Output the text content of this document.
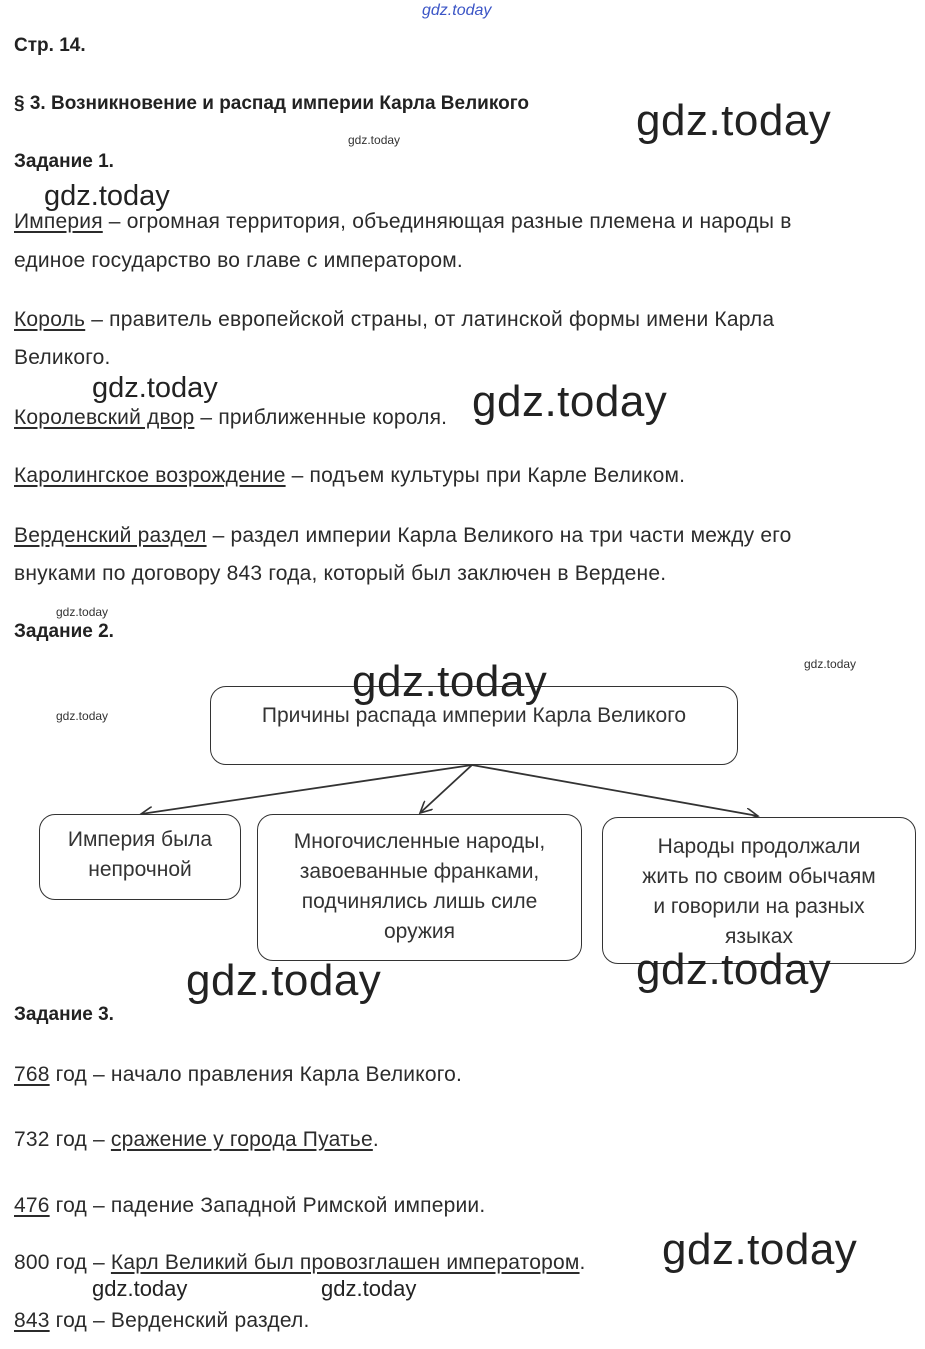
gdz.today
Стр. 14.
§ 3. Возникновение и распад империи Карла Великого
Задание 1.
Империя – огромная территория, объединяющая разные племена и народы в
единое государство во главе с императором.
Король – правитель европейской страны, от латинской формы имени Карла
Великого.
Королевский двор – приближенные короля.
Каролингское возрождение – подъем культуры при Карле Великом.
Верденский раздел – раздел империи Карла Великого на три части между его
внуками по договору 843 года, который был заключен в Вердене.
Задание 2.
Причины распада империи Карла Великого
Империя была
непрочной
Многочисленные народы,
завоеванные франками,
подчинялись лишь силе
оружия
Народы продолжали
жить по своим обычаям
и говорили на разных
языках
Задание 3.
768 год – начало правления Карла Великого.
732 год – сражение у города Пуатье.
476 год – падение Западной Римской империи.
800 год – Карл Великий был провозглашен императором.
843 год – Верденский раздел.
gdz.today
gdz.today
gdz.today
gdz.today	gdz.today
gdz.today
gdz.today
gdz.today
gdz.today
gdz.today
gdz.today
gdz.today
gdz.today	gdz.today
